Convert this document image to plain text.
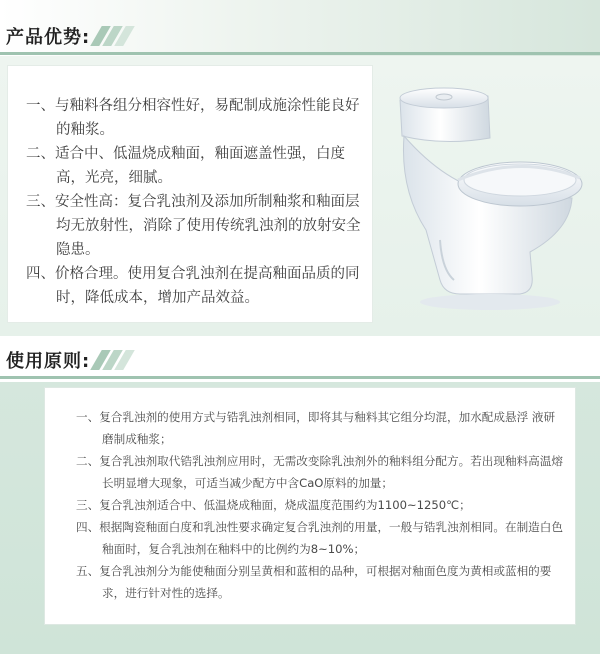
产品优势:
一、与釉料各组分相容性好，易配制成施涂性能良好的釉浆。
二、适合中、低温烧成釉面，釉面遮盖性强，白度高，光亮，细腻。
三、安全性高：复合乳浊剂及添加所制釉浆和釉面层均无放射性，消除了使用传统乳浊剂的放射安全隐患。
四、价格合理。使用复合乳浊剂在提高釉面品质的同时，降低成本，增加产品效益。
使用原则:
一、复合乳浊剂的使用方式与锆乳浊剂相同，即将其与釉料其它组分均混，加水配成悬浮 液研磨制成釉浆；
二、复合乳浊剂取代锆乳浊剂应用时，无需改变除乳浊剂外的釉料组分配方。若出现釉料高温熔长明显增大现象，可适当减少配方中含CaO原料的加量；
三、复合乳浊剂适合中、低温烧成釉面，烧成温度范围约为1100~1250℃；
四、根据陶瓷釉面白度和乳浊性要求确定复合乳浊剂的用量，一般与锆乳浊剂相同。在制造白色釉面时，复合乳浊剂在釉料中的比例约为8~10%；
五、复合乳浊剂分为能使釉面分别呈黄相和蓝相的品种，可根据对釉面色度为黄相或蓝相的要求，进行针对性的选择。
